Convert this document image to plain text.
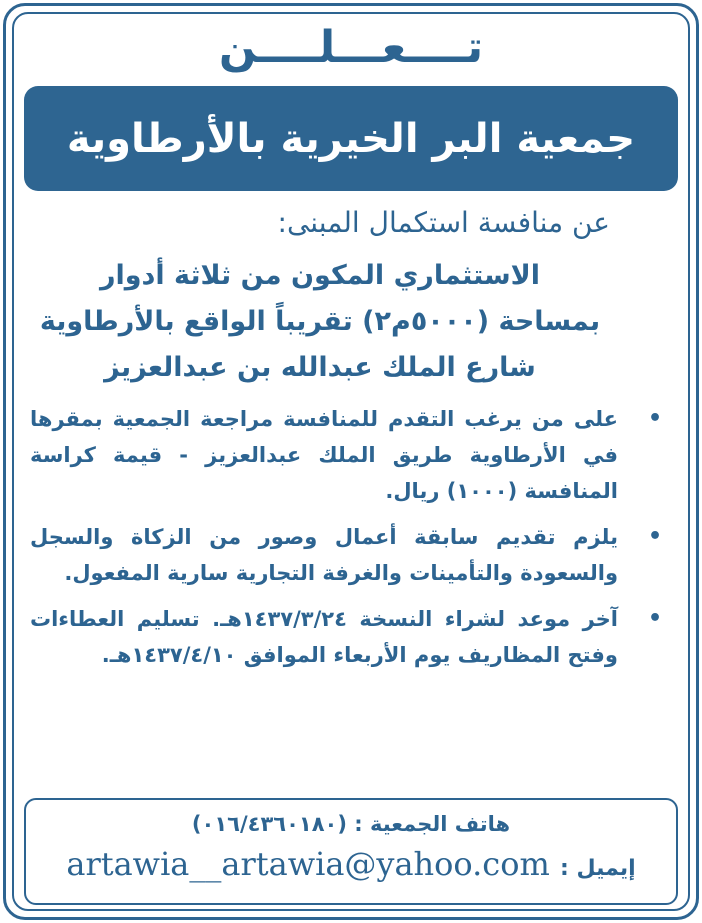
تــــعـــلــــن
جمعية البر الخيرية بالأرطاوية
عن منافسة استكمال المبنى:
الاستثماري المكون من ثلاثة أدوار
بمساحة (٥٠٠٠م٢) تقريباً الواقع بالأرطاوية
شارع الملك عبدالله بن عبدالعزيز
•
على من يرغب التقدم للمنافسة مراجعة الجمعية بمقرها في الأرطاوية طريق الملك عبدالعزيز - قيمة كراسة المنافسة (١٠٠٠) ريال.
•
يلزم تقديم سابقة أعمال وصور من الزكاة والسجل والسعودة والتأمينات والغرفة التجارية سارية المفعول.
•
آخر موعد لشراء النسخة ١٤٣٧/٣/٢٤هـ. تسليم العطاءات وفتح المظاريف يوم الأربعاء الموافق ١٤٣٧/٤/١٠هـ.
هاتف الجمعية : (٠١٦/٤٣٦٠١٨٠)
إيميل : artawia__artawia@yahoo.com
